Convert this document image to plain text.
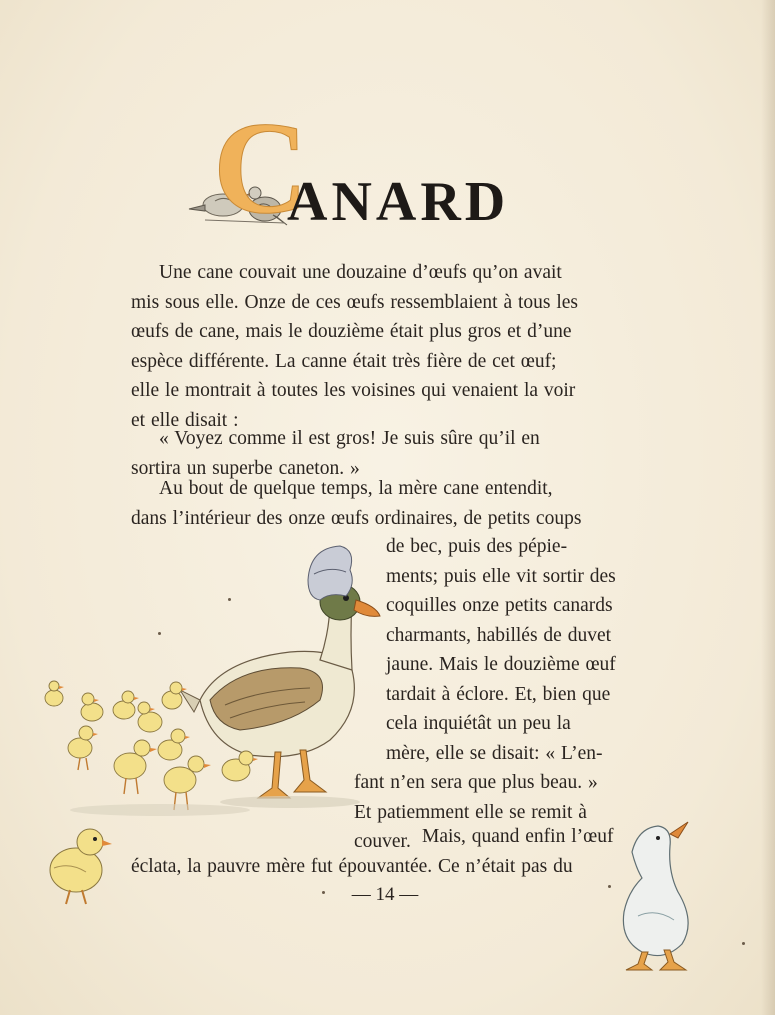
C
ANARD

Une cane couvait une douzaine d’œufs qu’on avait

mis sous elle. Onze de ces œufs ressemblaient à tous les

œufs de cane, mais le douzième était plus gros et d’une

espèce différente. La canne était très fière de cet œuf;

elle le montrait à toutes les voisines qui venaient la voir

et elle disait :

« Voyez comme il est gros! Je suis sûre qu’il en

sortira un superbe caneton. »

Au bout de quelque temps, la mère cane entendit,

dans l’intérieur des onze œufs ordinaires, de petits coups

de bec, puis des pépie-

ments; puis elle vit sortir des

coquilles onze petits canards

charmants, habillés de duvet

jaune. Mais le douzième œuf

tardait à éclore. Et, bien que

cela inquiétât un peu la

mère, elle se disait: « L’en-

fant n’en sera que plus beau. »

Et patiemment elle se remit à

couver. Mais, quand enfin l’œuf

éclata, la pauvre mère fut épouvantée. Ce n’était pas du

— 14 —
